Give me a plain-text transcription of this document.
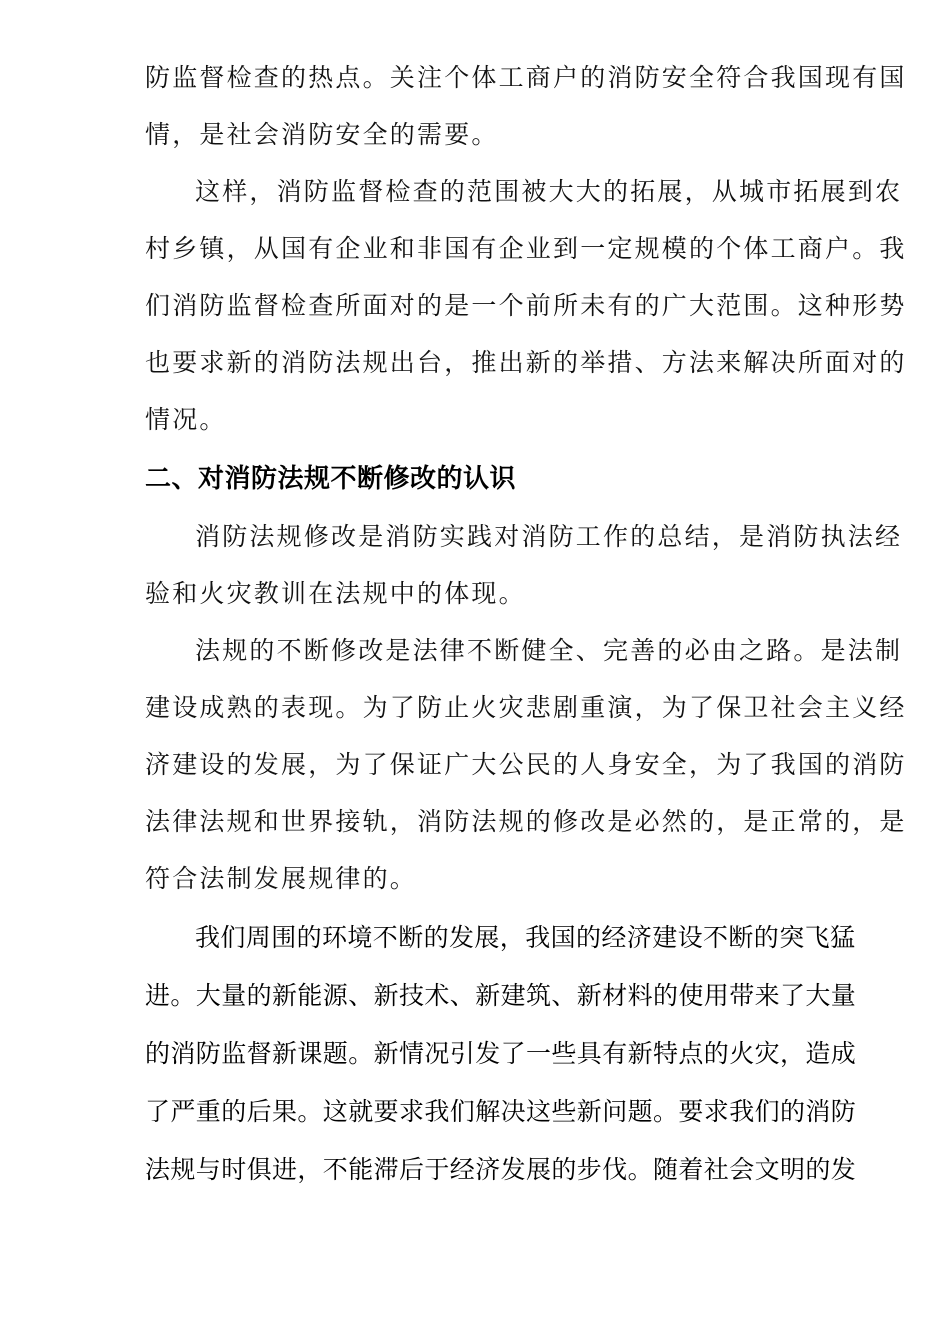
防监督检查的热点。关注个体工商户的消防安全符合我国现有国
情，是社会消防安全的需要。
这样，消防监督检查的范围被大大的拓展，从城市拓展到农
村乡镇，从国有企业和非国有企业到一定规模的个体工商户。我
们消防监督检查所面对的是一个前所未有的广大范围。这种形势
也要求新的消防法规出台，推出新的举措、方法来解决所面对的
情况。
二、对消防法规不断修改的认识
消防法规修改是消防实践对消防工作的总结，是消防执法经
验和火灾教训在法规中的体现。
法规的不断修改是法律不断健全、完善的必由之路。是法制
建设成熟的表现。为了防止火灾悲剧重演，为了保卫社会主义经
济建设的发展，为了保证广大公民的人身安全，为了我国的消防
法律法规和世界接轨，消防法规的修改是必然的，是正常的，是
符合法制发展规律的。
我们周围的环境不断的发展，我国的经济建设不断的突飞猛
进。大量的新能源、新技术、新建筑、新材料的使用带来了大量
的消防监督新课题。新情况引发了一些具有新特点的火灾，造成
了严重的后果。这就要求我们解决这些新问题。要求我们的消防
法规与时俱进，不能滞后于经济发展的步伐。随着社会文明的发
